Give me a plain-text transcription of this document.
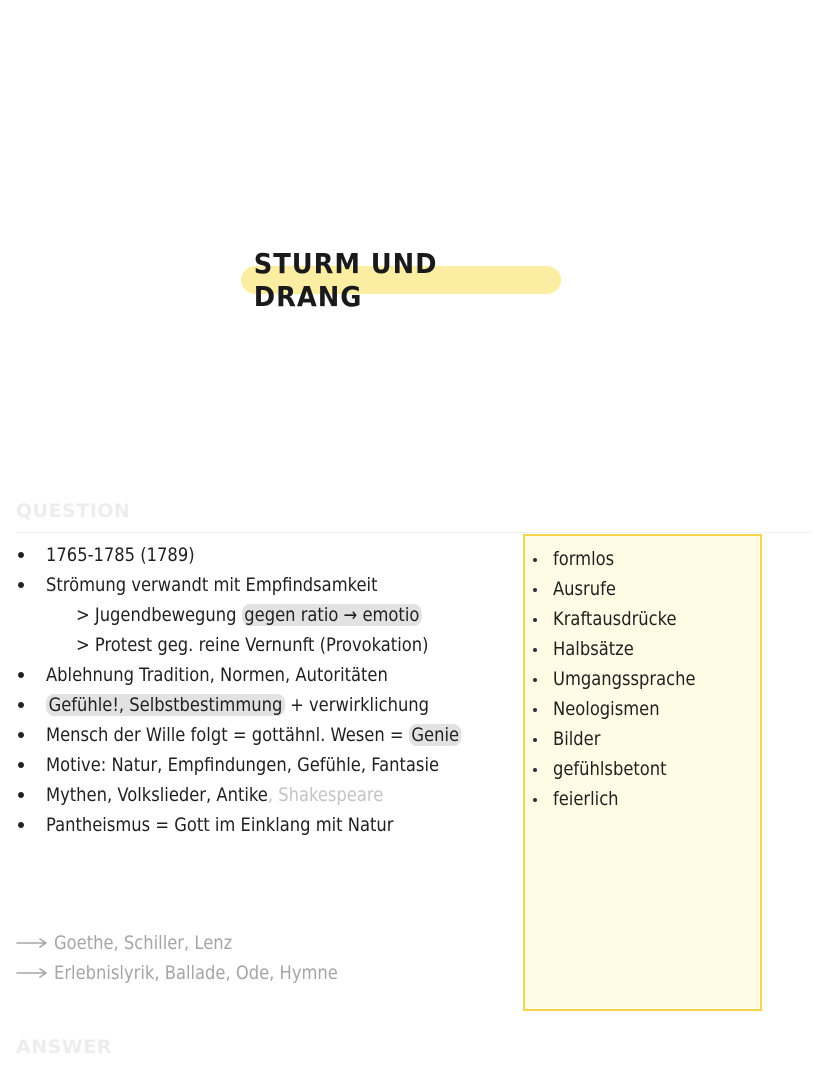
STURM UND DRANG
QUESTION
1765-1785 (1789)
Strömung verwandt mit Empfindsamkeit
> Jugendbewegung gegen ratio → emotio
> Protest geg. reine Vernunft (Provokation)
Ablehnung Tradition, Normen, Autoritäten
Gefühle!, Selbstbestimmung + verwirklichung
Mensch der Wille folgt = gottähnl. Wesen = Genie
Motive: Natur, Empfindungen, Gefühle, Fantasie
Mythen, Volkslieder, Antike, Shakespeare
Pantheismus = Gott im Einklang mit Natur
Goethe, Schiller, Lenz
Erlebnislyrik, Ballade, Ode, Hymne
formlos
Ausrufe
Kraftausdrücke
Halbsätze
Umgangssprache
Neologismen
Bilder
gefühlsbetont
feierlich
ANSWER
